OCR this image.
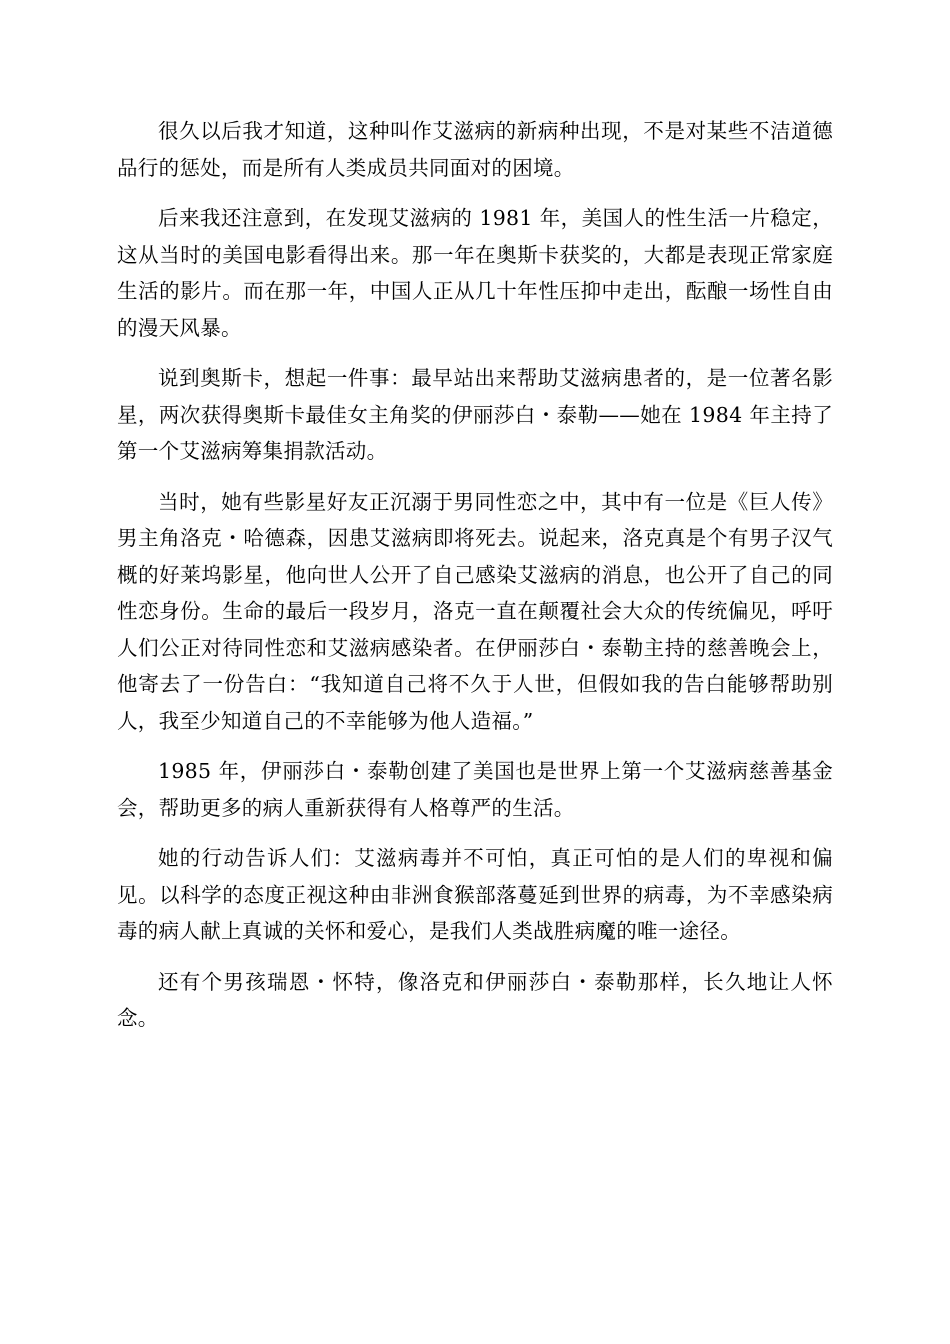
很久以后我才知道，这种叫作艾滋病的新病种出现，不是对某些不洁道德品行的惩处，而是所有人类成员共同面对的困境。

后来我还注意到，在发现艾滋病的 1981 年，美国人的性生活一片稳定，这从当时的美国电影看得出来。那一年在奥斯卡获奖的，大都是表现正常家庭生活的影片。而在那一年，中国人正从几十年性压抑中走出，酝酿一场性自由的漫天风暴。

说到奥斯卡，想起一件事：最早站出来帮助艾滋病患者的，是一位著名影星，两次获得奥斯卡最佳女主角奖的伊丽莎白・泰勒——她在 1984 年主持了第一个艾滋病筹集捐款活动。

当时，她有些影星好友正沉溺于男同性恋之中，其中有一位是《巨人传》男主角洛克・哈德森，因患艾滋病即将死去。说起来，洛克真是个有男子汉气概的好莱坞影星，他向世人公开了自己感染艾滋病的消息，也公开了自己的同性恋身份。生命的最后一段岁月，洛克一直在颠覆社会大众的传统偏见，呼吁人们公正对待同性恋和艾滋病感染者。在伊丽莎白・泰勒主持的慈善晚会上，他寄去了一份告白：“我知道自己将不久于人世，但假如我的告白能够帮助别人，我至少知道自己的不幸能够为他人造福。”

1985 年，伊丽莎白・泰勒创建了美国也是世界上第一个艾滋病慈善基金会，帮助更多的病人重新获得有人格尊严的生活。

她的行动告诉人们：艾滋病毒并不可怕，真正可怕的是人们的卑视和偏见。以科学的态度正视这种由非洲食猴部落蔓延到世界的病毒，为不幸感染病毒的病人献上真诚的关怀和爱心，是我们人类战胜病魔的唯一途径。

还有个男孩瑞恩・怀特，像洛克和伊丽莎白・泰勒那样，长久地让人怀念。
